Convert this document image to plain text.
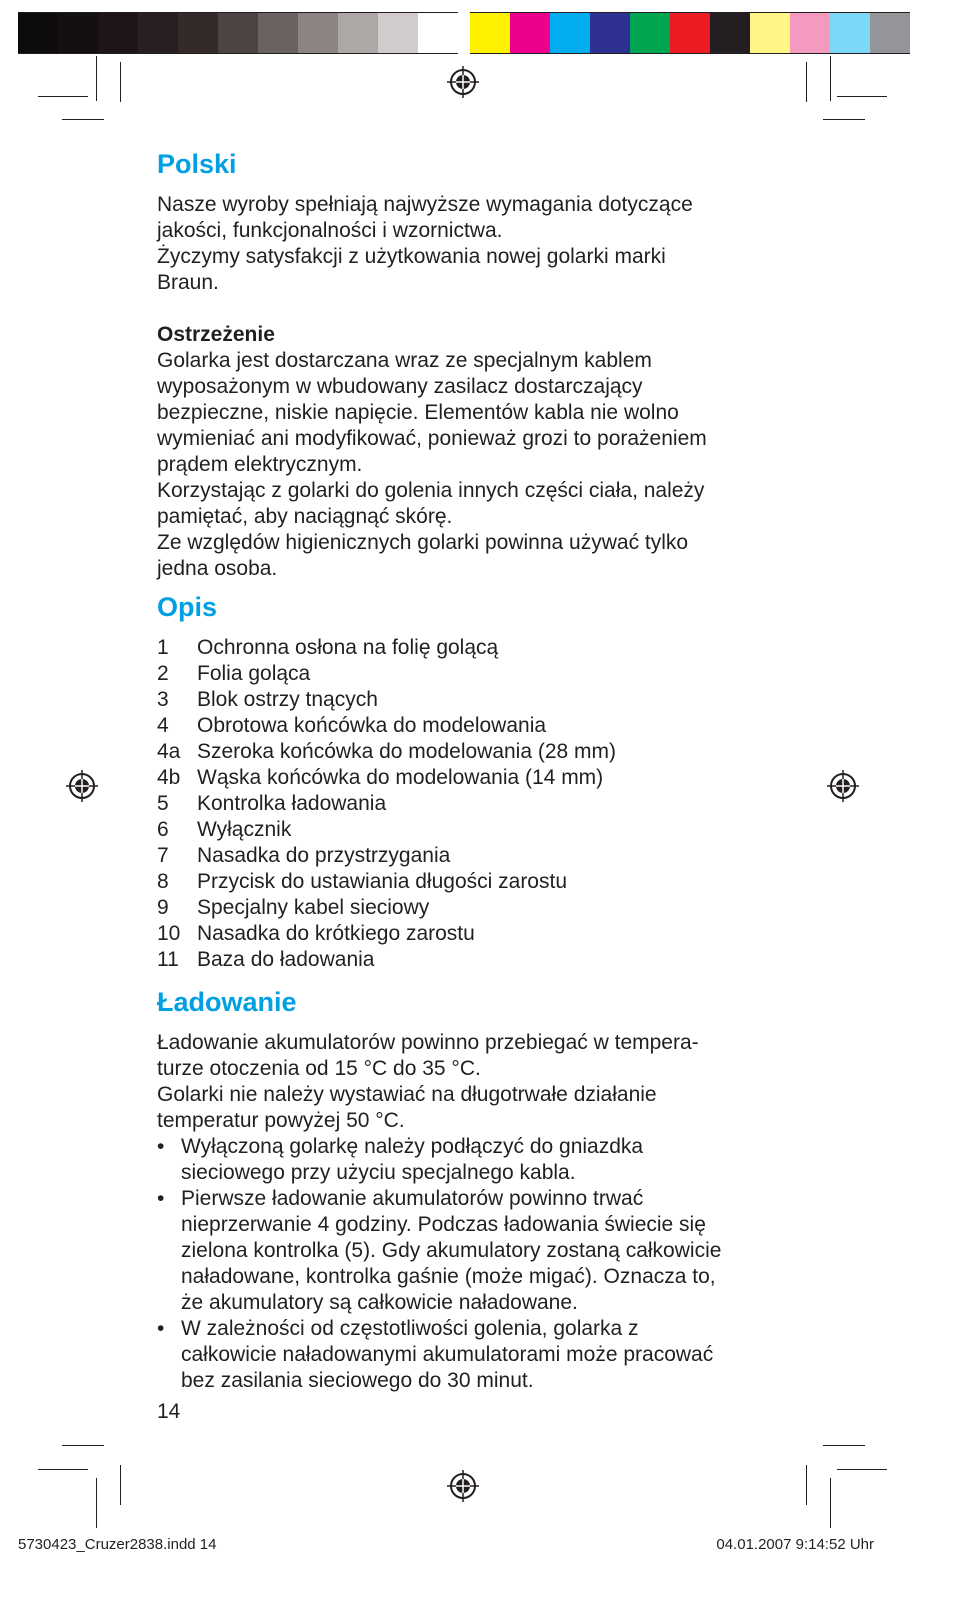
Polski

Nasze wyroby spełniają najwyższe wymagania dotyczące

jakości, funkcjonalności i wzornictwa.

Życzymy satysfakcji z użytkowania nowej golarki marki

Braun.

Ostrzeżenie

Golarka jest dostarczana wraz ze specjalnym kablem

wyposażonym w wbudowany zasilacz dostarczający

bezpieczne, niskie napięcie. Elementów kabla nie wolno

wymieniać ani modyfikować, ponieważ grozi to porażeniem

prądem elektrycznym.

Korzystając z golarki do golenia innych części ciała, należy

pamiętać, aby naciągnąć skórę.

Ze względów higienicznych golarki powinna używać tylko

jedna osoba.

Opis
1	Ochronna osłona na folię golącą
2	Folia goląca
3	Blok ostrzy tnących
4	Obrotowa końcówka do modelowania
4a Szeroka końcówka do modelowania (28 mm)
4b Wąska końcówka do modelowania (14 mm)
5	Kontrolka ładowania
6	Wyłącznik
7	Nasadka do przystrzygania
8	Przycisk do ustawiania długości zarostu
9	Specjalny kabel sieciowy
10 Nasadka do krótkiego zarostu
11 Baza do ładowania
Ładowanie

Ładowanie akumulatorów powinno przebiegać w tempera-

turze otoczenia od 15 °C do 35 °C.

Golarki nie należy wystawiać na długotrwałe działanie

temperatur powyżej 50 °C.

• Wyłączoną golarkę należy podłączyć do gniazdka

sieciowego przy użyciu specjalnego kabla.

• Pierwsze ładowanie akumulatorów powinno trwać

nieprzerwanie 4 godziny. Podczas ładowania świecie się

zielona kontrolka (5). Gdy akumulatory zostaną całkowicie

naładowane, kontrolka gaśnie (może migać). Oznacza to,

że akumulatory są całkowicie naładowane.

• W zależności od częstotliwości golenia, golarka z

całkowicie naładowanymi akumulatorami może pracować

bez zasilania sieciowego do 30 minut.

14
5730423_Cruzer2838.indd 14	04.01.2007 9:14:52 Uhr
